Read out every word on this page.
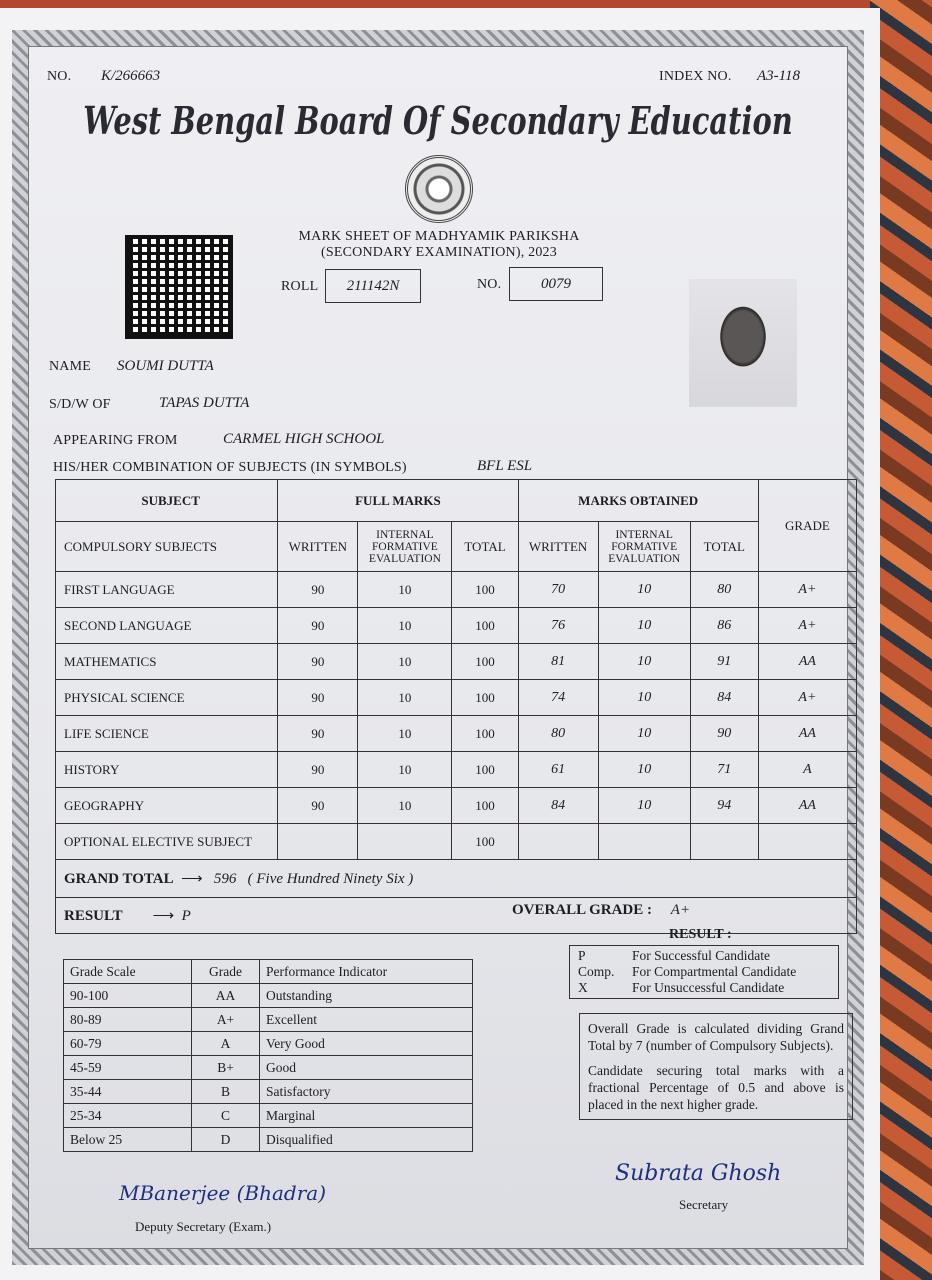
NO. K/266663	INDEX NO. A3-118
West Bengal Board Of Secondary Education
MARK SHEET OF MADHYAMIK PARIKSHA
(SECONDARY EXAMINATION), 2023
ROLL	211142N	NO.	0079
NAME SOUMI DUTTA
S/D/W OF	TAPAS DUTTA
APPEARING FROM	CARMEL HIGH SCHOOL
HIS/HER COMBINATION OF SUBJECTS (IN SYMBOLS)	BFL ESL
SUBJECT	FULL MARKS			MARKS OBTAINED			GRADE
COMPULSORY SUBJECTS	WRITTEN	INTERNAL FORMATIVE EVALUATION	TOTAL	WRITTEN	INTERNAL FORMATIVE EVALUATION	TOTAL	
FIRST LANGUAGE	90	10	100	70	10	80	A+
SECOND LANGUAGE	90	10	100	76	10	86	A+
MATHEMATICS	90	10	100	81	10	91	AA
PHYSICAL SCIENCE	90	10	100	74	10	84	A+
LIFE SCIENCE	90	10	100	80	10	90	AA
HISTORY	90	10	100	61	10	71	A
GEOGRAPHY	90	10	100	84	10	94	AA
OPTIONAL ELECTIVE SUBJECT			100				
GRAND TOTAL  ⟶   596 ( Five Hundred Ninety Six )							
RESULT        ⟶  P OVERALL GRADE : A+							
Grade Scale	Grade	Performance Indicator
90-100	AA	Outstanding
80-89	A+	Excellent
60-79	A	Very Good
45-59	B+	Good
35-44	B	Satisfactory
25-34	C	Marginal
Below 25	D	Disqualified
RESULT :
P	For Successful Candidate
Comp.	For Compartmental Candidate
X	For Unsuccessful Candidate
Overall Grade is calculated dividing Grand Total by 7 (number of Compulsory Subjects).
Candidate securing total marks with a fractional Percentage of 0.5 and above is placed in the next higher grade.
MBanerjee (Bhadra)
Deputy Secretary (Exam.)
Subrata Ghosh
Secretary
